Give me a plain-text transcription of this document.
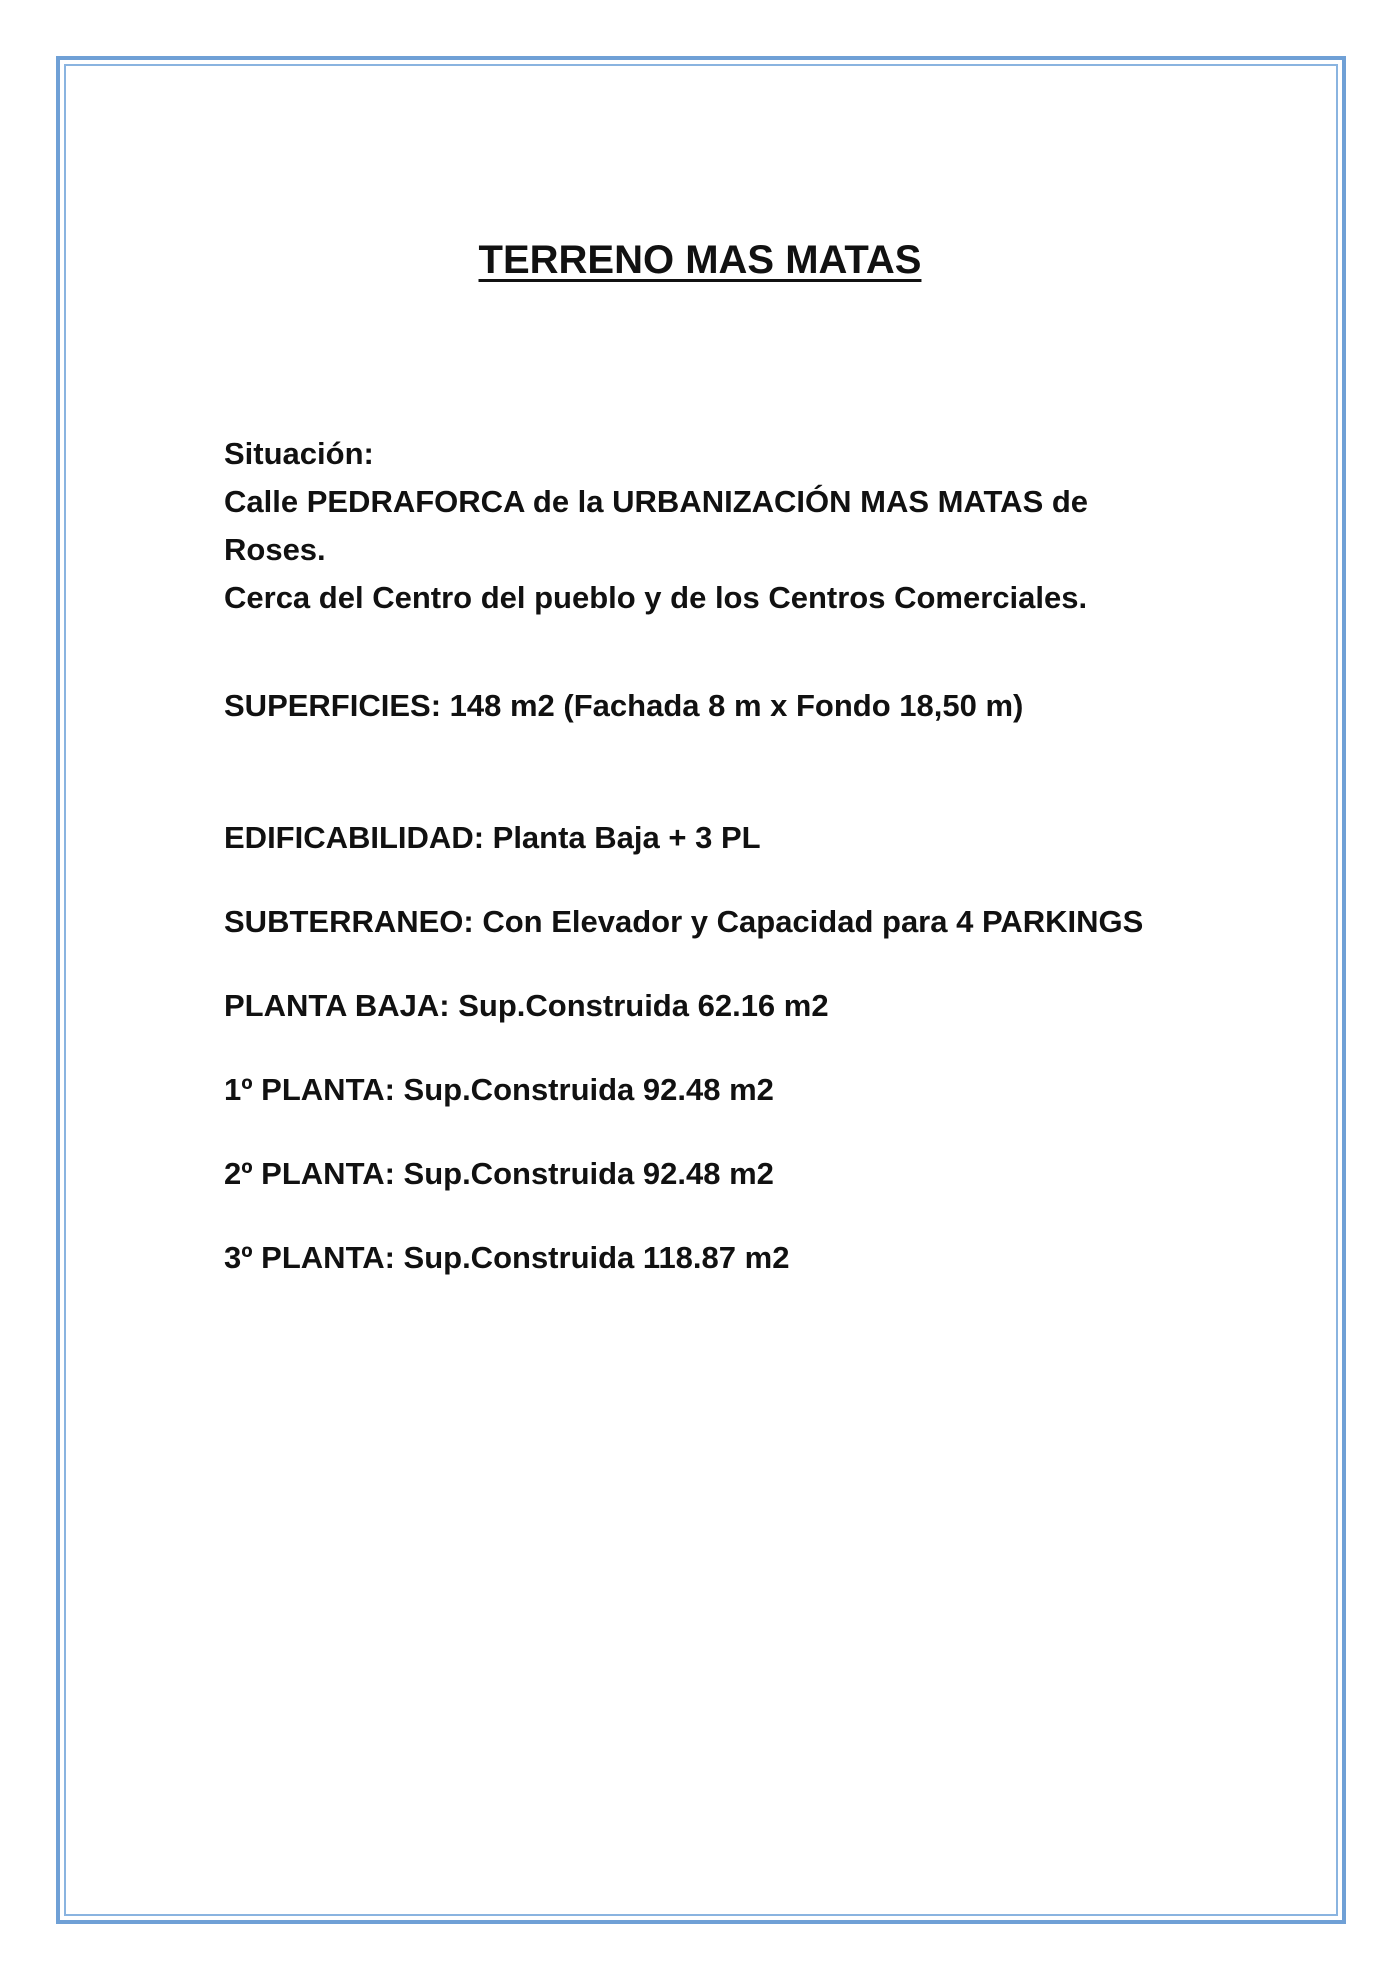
TERRENO MAS MATAS
Situación:
Calle PEDRAFORCA de la URBANIZACIÓN MAS MATAS de
Roses.
Cerca del Centro del pueblo y de los Centros Comerciales.
SUPERFICIES: 148 m2 (Fachada 8 m x Fondo 18,50 m)
EDIFICABILIDAD: Planta Baja + 3 PL
SUBTERRANEO: Con Elevador y Capacidad para 4 PARKINGS
PLANTA BAJA: Sup.Construida 62.16 m2
1º PLANTA: Sup.Construida 92.48 m2
2º PLANTA: Sup.Construida 92.48 m2
3º PLANTA: Sup.Construida 118.87 m2
